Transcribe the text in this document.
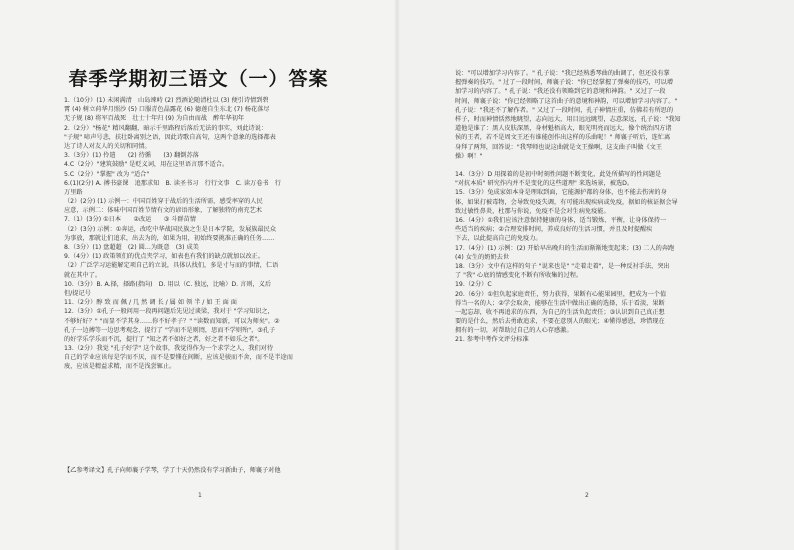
春季学期初三语文（一）答案
1.（10分）(1) 未闲满清　山岛竦峙 (2) 烈酒论随清杜以 (3) 便引诗情到碧
霄 (4) 树立荷华月照沙 (5) 口服青色晶露花 (6) 德莲自生东北 (7) 杨花落尽
无子规 (8) 将军百战死　壮士十年归 (9) 为自由而战　醉年华初年
2.（2分）"杨花" 精风翻翻，暗示千里路程后落后无法的事实，刘此诗说：
"子规" 啼声号悲，扶壮卧离别之语，因此诗歌自高句，这两个意象的选择都表
达了诗人对友人的关切和同情。
3.（3分）(1) 伶遣　　(2) 待循　　(3) 翻倒苏落
4.C（2分）"建筑鼓励" 是贬义词，用在这里语言那不适合。
5.C（2分）"掌握" 改为 "适合"
6.(1)(2分) A. 搏书豪课　追那求知　B. 读圣书习　行行文事　C. 读万卷书　行
万里路
（2）(2分) (1) 示例一：中国百姓穿于战后的生活所需，感受率穿的人民
应意，示例二：体味中国百姓节情有文的谚语形象，了解独特的南充艺术
7.（1）(3分) ①日本　　②改运　　③ 斗群苗情
（2）(3分) 示例：①奔运，改吃中华战国民族之生是日本学院，发展族最民众
为事放，那就让们追求，出去为的，如果为用，初始终要挑准正确的任务……
8.（3分）(1) 盘超超　(2) 圆…为既意　(3) 成美
9.（4分）(1) 政策领们的优点夹学习，如表也有我们的缺点就加以改正。
（2）广泛学习运能解定项自己的立说，具体认找们，多是寸与而的事情，仁语
就在其中了。
10.（3分）B. A.择，择路(指向)　D. 用以（C. 独远，比喻）D. 言则，义后
但/提记号
11.（2分）醇 致 而 佩 / 几 然 调 长 / 属 如 领 半 / 如 王 面 面
12.（3分）①孔子一般问用一段再问题后先见过谈梁，我对于 "学习知识之，
不够好好？" "而显不学其身……你不好孝子？" "读数而知新，可以为师矣"。②
孔子一边搏等一边思考观念，提行了 "学而不是则罔，思而不学则殆"，③孔子
的好学乐学乐而不沉，提行了 "知之者不如好之者，好之者不如乐之者"。
13.（2分）我觉 "孔子好学" 这个故事，我觉得作为一个求学之人，我们对待
自己的学业应该每是学而不厌，而不是要懂在间断，应该是骏而不舍，而不是半途而
废，应该是精益求精，而不是浅尝辄止。
【乙参考译文】孔子向师襄子学琴，学了十天仍然没有学习新曲子，师襄子对他
1
说："可以增加学习内容了。" 孔子说："我已经熟悉琴曲的曲调了，但还没有掌
握弹奏的技巧。" 过了一段时间，师襄子说："你已经掌握了弹奏的技巧，可以增
加学习的内容了。" 孔子说："我还没有领略到它的意境和神韵。" 又过了一段
时间，师襄子说："你已经领略了这首曲子的意境和神韵，可以增加学习内容了。"
孔子说："我还不了解作者。" 又过了一段时间，孔子神情庄重，仿佛若有所思的
样子，时而神情恬然地眺望，志向远大，用目远远眺望，志意深远，孔子说："我知
道他是谁了：黑人皮肤深黑，身材魁梧高大，眼光明亮而远大，像个统治四方诸
侯的王者，若不是周文王还有谁能创作出这样的乐曲呢！" 师襄子听后，连忙离
身拜了两拜，回答说："我琴师也说这曲就是文王操啊，这支曲子叫做《文王
操》啊！"
14.（3分）D 用探着的是初中时刻性问题不断变化，此处所描写的性问题是
"对抗本质" 研究作内并不是变化的这些道理" 来选场景，被选D。
15.（3分）兔成家如本身是理取到面，它能源护都的身体，也不能去伤害的身
体，如果打被毒物，会导致免疫失调，有可能出现疾病或免疫，据如的核证据会导
致过敏性鼻炎，杜那与你说，免疫不是会对生病免疫能。
16.（4分）①我们应该注意保持健康的身体，适当锻炼、平衡，让身体保持一
些适当的疾病；②合理安排时间，养成良好的生活习惯，并且及时提醒疾
下去，以此提高自己的免疫力。
17.（4分）(1) 示例：(2) 开始早出晚归的生活而渐渐地变起来；(3) 二人的奔跑
(4) 女生的奶奶去世
18.（3分）文中有这样的句子 "说来也是" "走着走着"，是一种反衬手法，突出
了 "我" 心底的情感变化不断有所收集的过程。
19.（2分）C
20.（6分）①但负起家庭责任，努力获得，果断有心能果园里，把成为一个值
得当一名的人；②学会取舍，能够在生活中做出正确的选择，乐于看淡，果断
一起忘却，收不再追求的东西，为自己的生活负起责任；③认识到自己真正想
要的是什么，然后去勇敢追求，不要在意别人的眼光；④懂得感恩，珍惜现在
拥有的一切，对帮助过自己的人心存感激。
21. 参考中考作文评分标准
2
